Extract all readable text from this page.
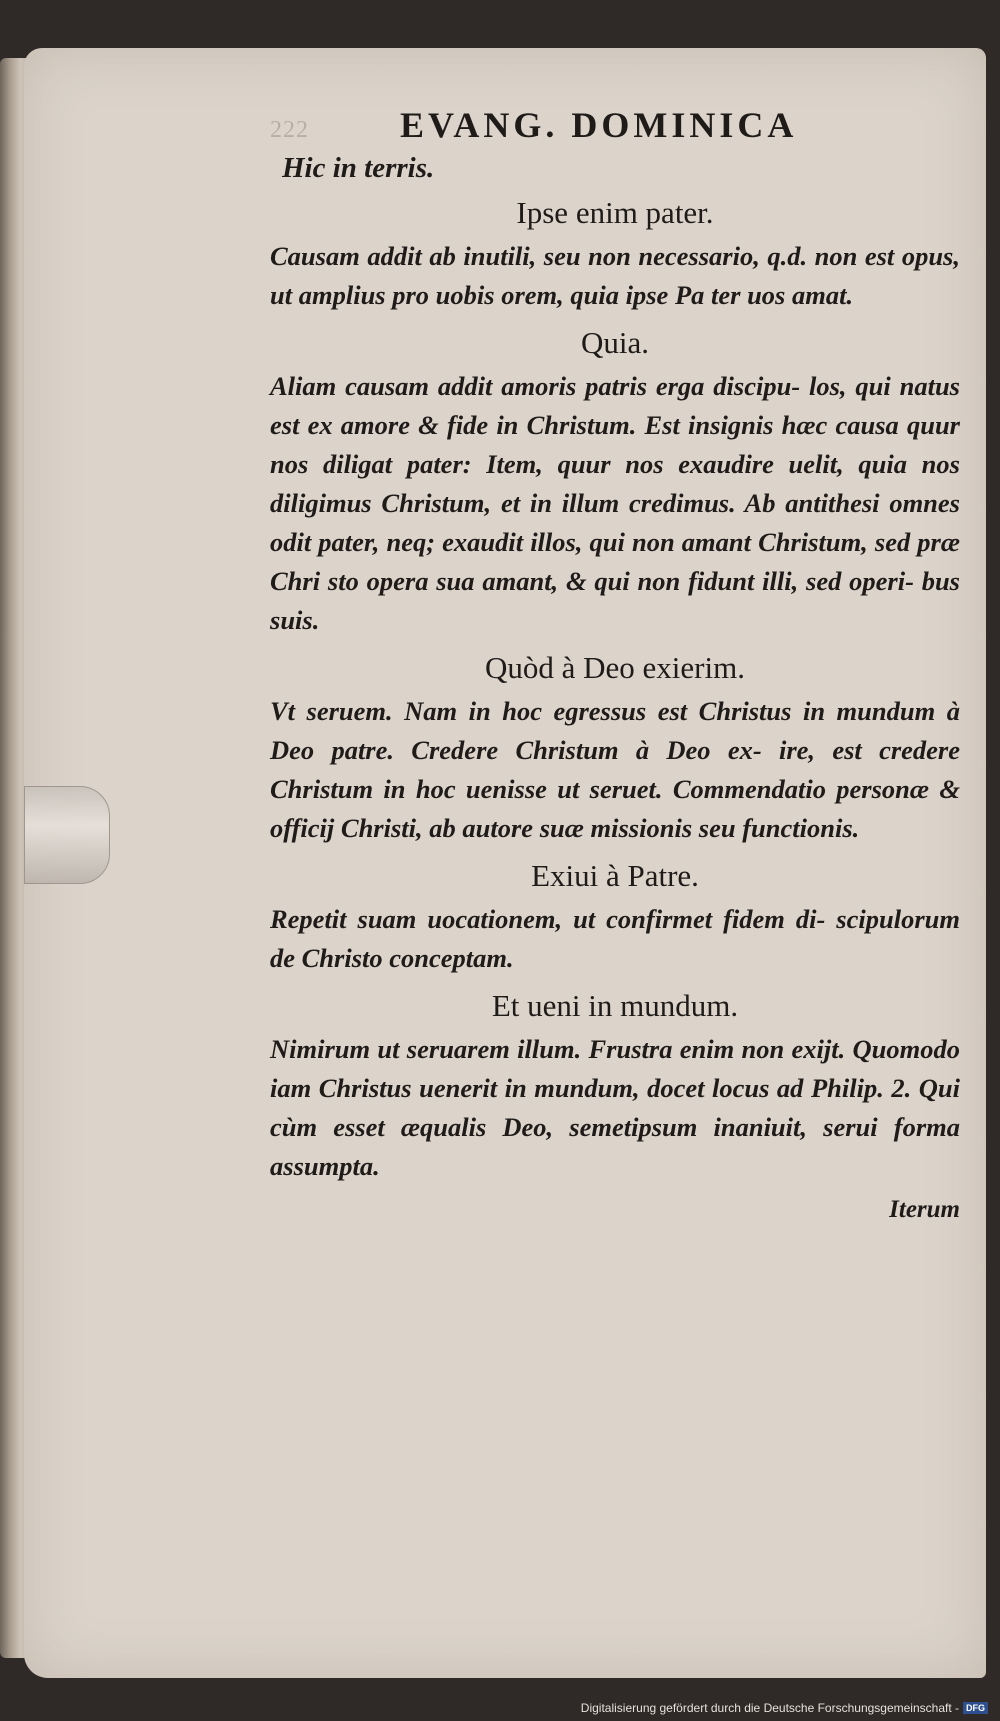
222	EVANG. DOMINICA
Hic in terris.
Ipse enim pater.

Causam addit ab inutili, seu non necessario, q.d. non est opus, ut amplius pro uobis orem, quia ipse Pa ter uos amat.

Quia.

Aliam causam addit amoris patris erga discipu- los, qui natus est ex amore & fide in Christum. Est insignis hæc causa quur nos diligat pater: Item, quur nos exaudire uelit, quia nos diligimus Christum, et in illum credimus. Ab antithesi omnes odit pater, neq; exaudit illos, qui non amant Christum, sed præ Chri sto opera sua amant, & qui non fidunt illi, sed operi- bus suis.

Quòd à Deo exierim.

Vt seruem. Nam in hoc egressus est Christus in mundum à Deo patre. Credere Christum à Deo ex- ire, est credere Christum in hoc uenisse ut seruet. Commendatio personæ & officij Christi, ab autore suæ missionis seu functionis.

Exiui à Patre.

Repetit suam uocationem, ut confirmet fidem di- scipulorum de Christo conceptam.

Et ueni in mundum.

Nimirum ut seruarem illum. Frustra enim non exijt. Quomodo iam Christus uenerit in mundum, docet locus ad Philip. 2. Qui cùm esset æqualis Deo, semetipsum inaniuit, serui forma assumpta.

Iterum
Digitalisierung gefördert durch die Deutsche Forschungsgemeinschaft - DFG
